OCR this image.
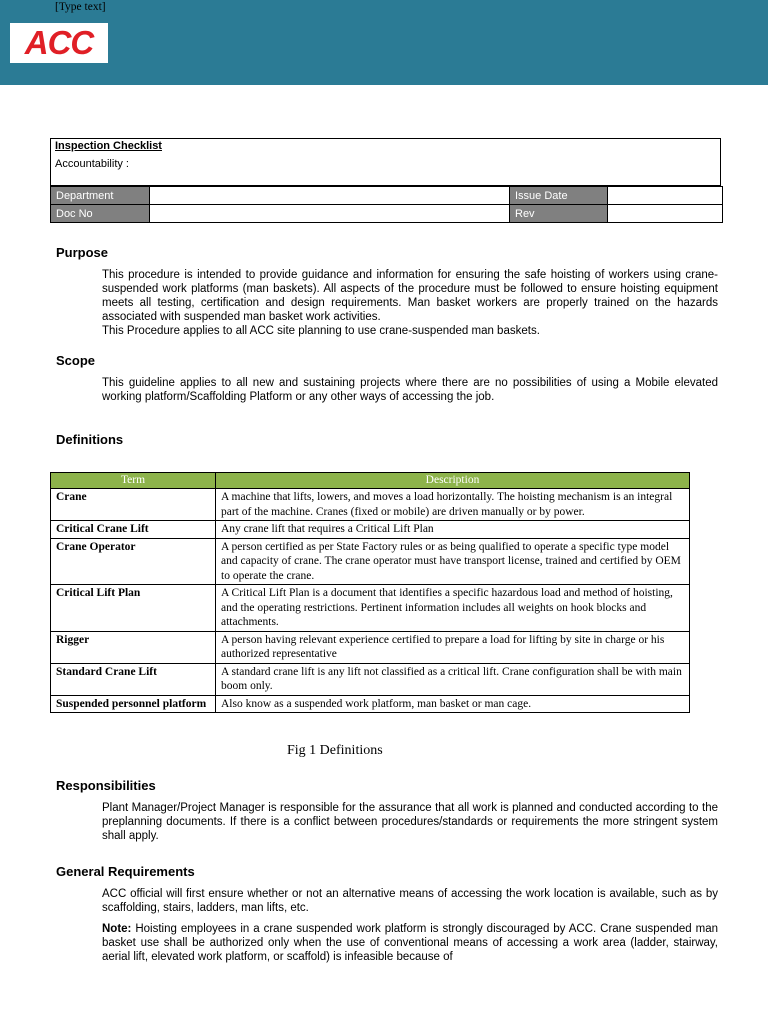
[Type text]
ACC
Inspection Checklist
Accountability :
Department		Issue Date	
Doc No		Rev	
Purpose
This procedure is intended to provide guidance and information for ensuring the safe hoisting of workers using crane-suspended work platforms (man baskets). All aspects of the procedure must be followed to ensure hoisting equipment meets all testing, certification and design requirements. Man basket workers are properly trained on the hazards associated with suspended man basket work activities.
This Procedure applies to all ACC site planning to use crane-suspended man baskets.
Scope
This guideline applies to all new and sustaining projects where there are no possibilities of using a Mobile elevated working platform/Scaffolding Platform or any other ways of accessing the job.
Definitions
Term	Description
Crane	A machine that lifts, lowers, and moves a load horizontally. The hoisting mechanism is an integral part of the machine. Cranes (fixed or mobile) are driven manually or by power.
Critical Crane Lift	Any crane lift that requires a Critical Lift Plan
Crane Operator	A person certified as per State Factory rules or as being qualified to operate a specific type model and capacity of crane. The crane operator must have transport license, trained and certified by OEM to operate the crane.
Critical Lift Plan	A Critical Lift Plan is a document that identifies a specific hazardous load and method of hoisting, and the operating restrictions. Pertinent information includes all weights on hook blocks and attachments.
Rigger	A person having relevant experience certified to prepare a load for lifting by site in charge or his authorized representative
Standard Crane Lift	A standard crane lift is any lift not classified as a critical lift. Crane configuration shall be with main boom only.
Suspended personnel platform	Also know as a suspended work platform, man basket or man cage.
Fig 1 Definitions
Responsibilities
Plant Manager/Project Manager is responsible for the assurance that all work is planned and conducted according to the preplanning documents. If there is a conflict between procedures/standards or requirements the more stringent system shall apply.
General Requirements
ACC official will first ensure whether or not an alternative means of accessing the work location is available, such as by scaffolding, stairs, ladders, man lifts, etc.
Note: Hoisting employees in a crane suspended work platform is strongly discouraged by ACC. Crane suspended man basket use shall be authorized only when the use of conventional means of accessing a work area (ladder, stairway, aerial lift, elevated work platform, or scaffold) is infeasible because of
